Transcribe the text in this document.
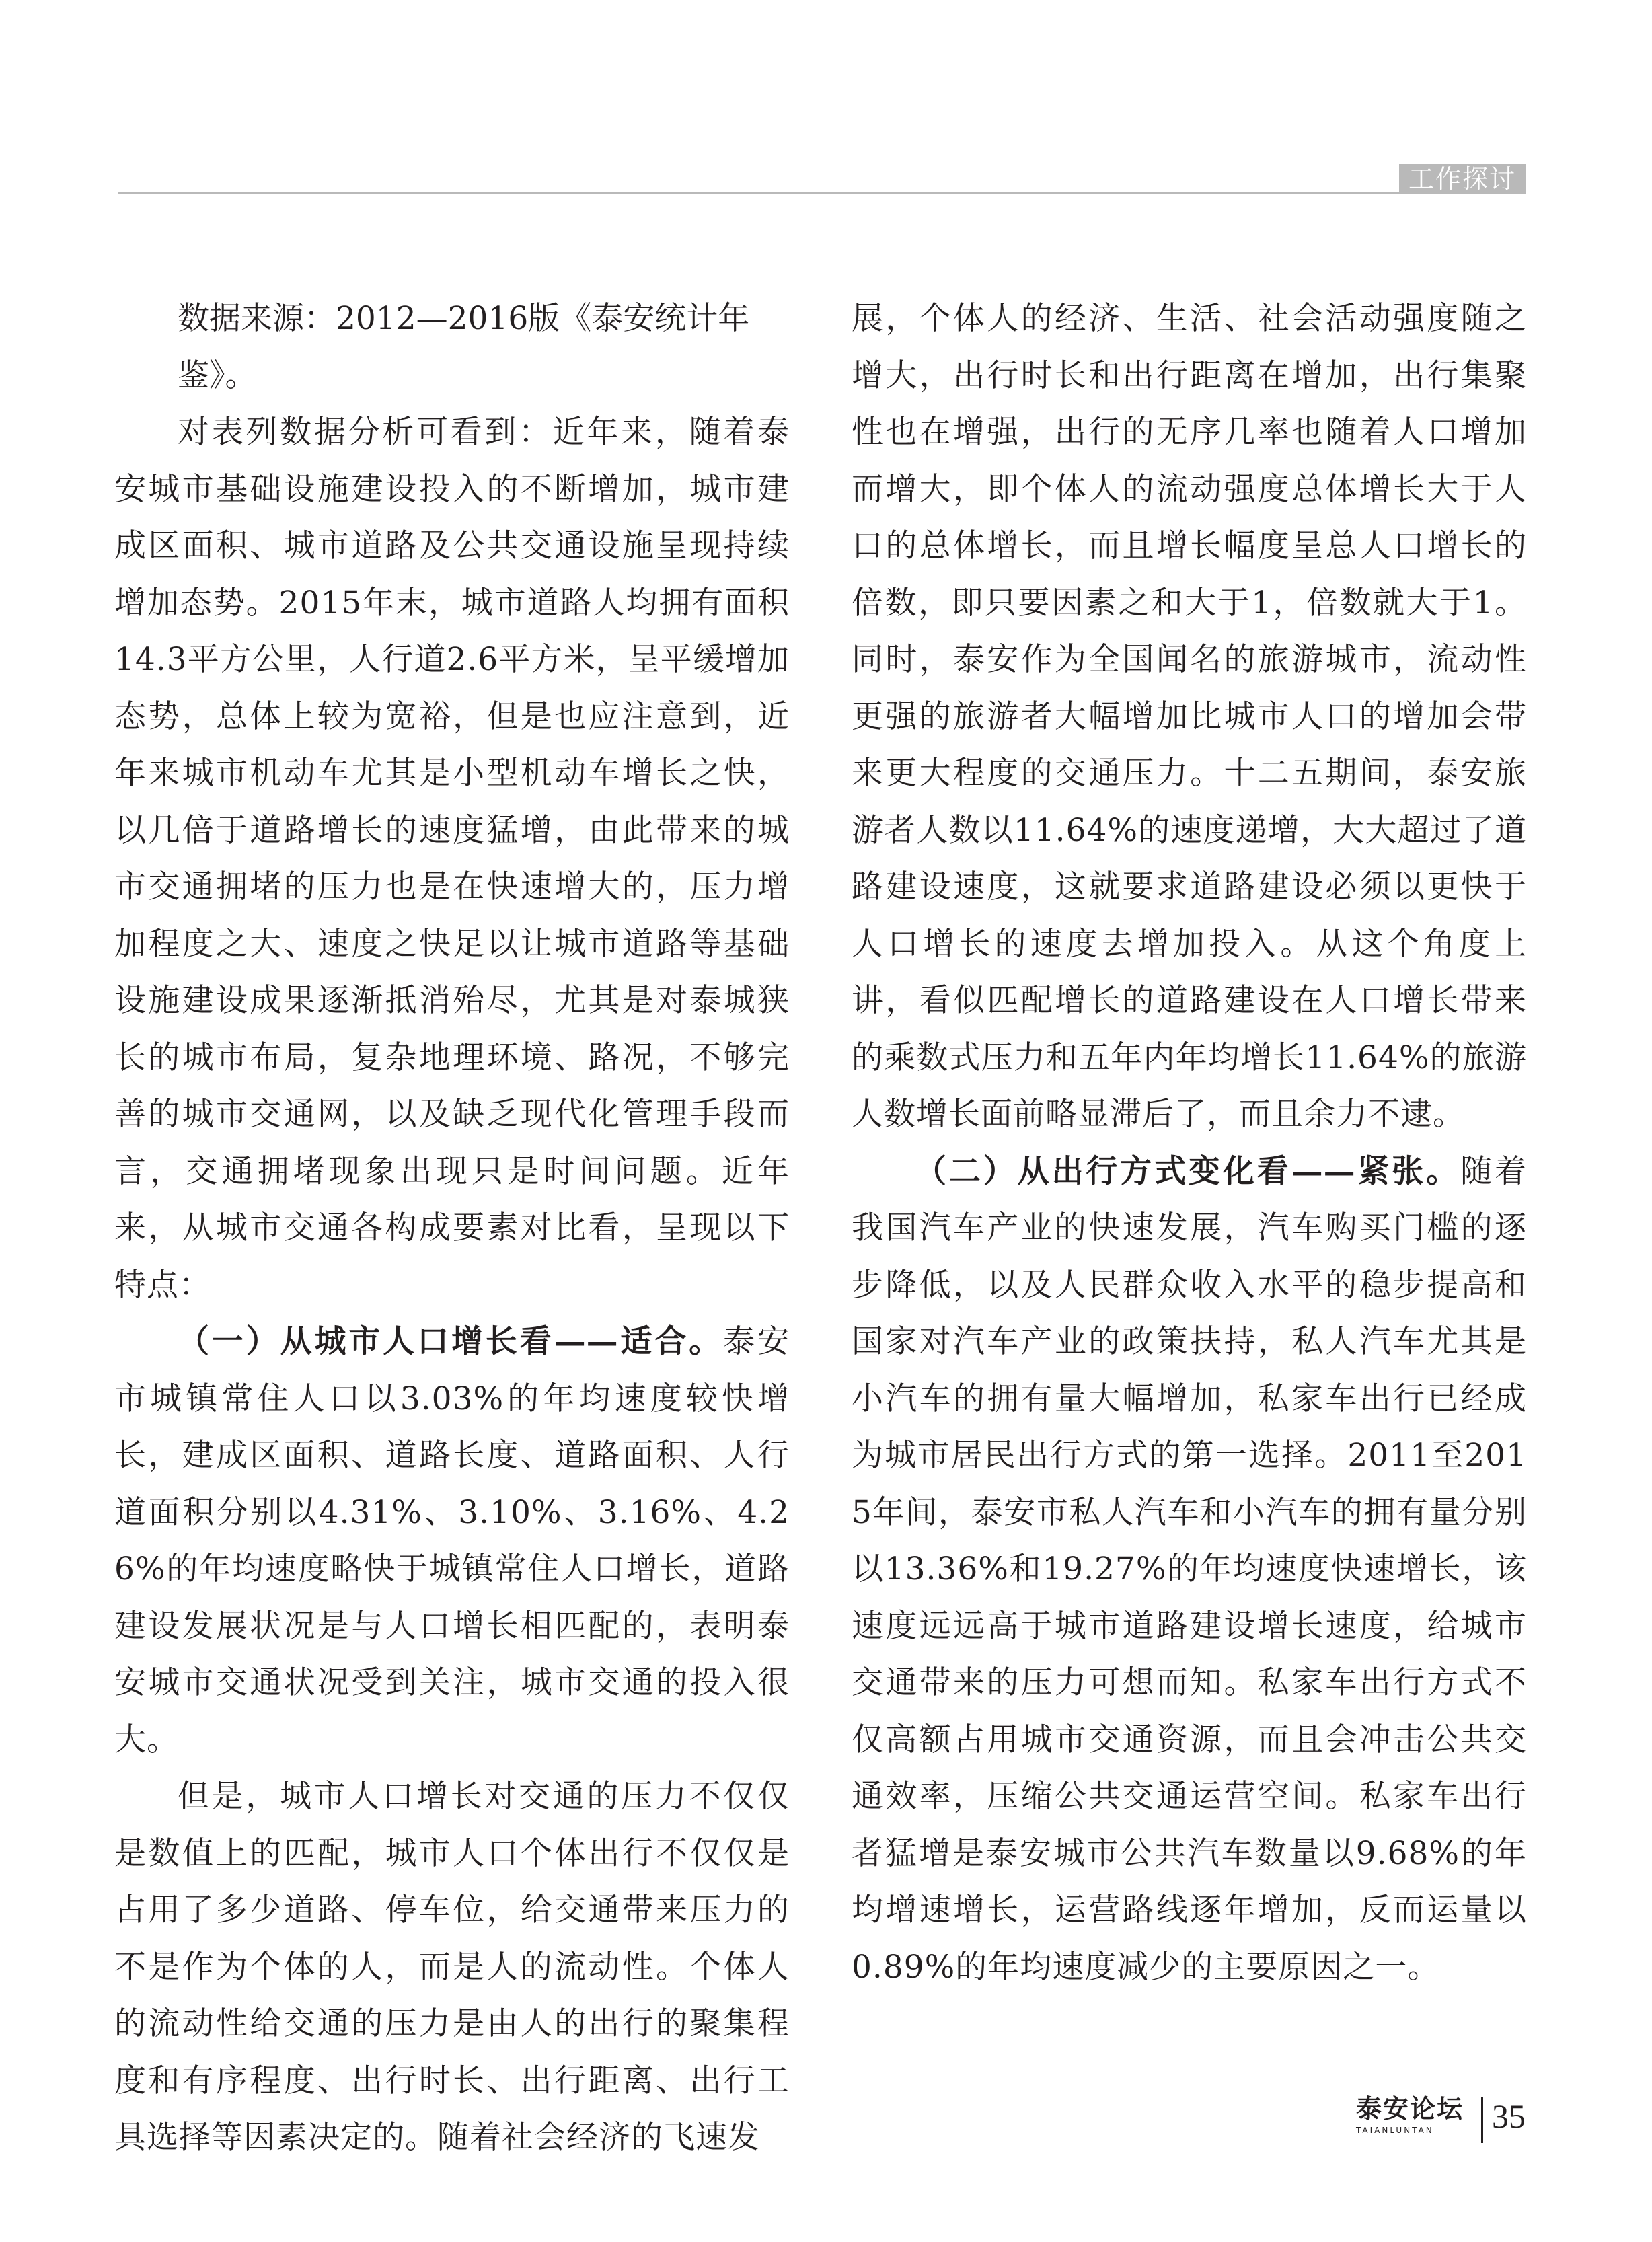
工作探讨
数据来源：2012—2016版《泰安统计年鉴》。

对表列数据分析可看到：近年来，随着泰安城市基础设施建设投入的不断增加，城市建成区面积、城市道路及公共交通设施呈现持续增加态势。2015年末，城市道路人均拥有面积14.3平方公里，人行道2.6平方米，呈平缓增加态势，总体上较为宽裕，但是也应注意到，近年来城市机动车尤其是小型机动车增长之快，以几倍于道路增长的速度猛增，由此带来的城市交通拥堵的压力也是在快速增大的，压力增加程度之大、速度之快足以让城市道路等基础设施建设成果逐渐抵消殆尽，尤其是对泰城狭长的城市布局，复杂地理环境、路况，不够完善的城市交通网，以及缺乏现代化管理手段而言，交通拥堵现象出现只是时间问题。近年来，从城市交通各构成要素对比看，呈现以下特点：

（一）从城市人口增长看——适合。泰安市城镇常住人口以3.03%的年均速度较快增长，建成区面积、道路长度、道路面积、人行道面积分别以4.31%、3.10%、3.16%、4.26%的年均速度略快于城镇常住人口增长，道路建设发展状况是与人口增长相匹配的，表明泰安城市交通状况受到关注，城市交通的投入很大。

但是，城市人口增长对交通的压力不仅仅是数值上的匹配，城市人口个体出行不仅仅是占用了多少道路、停车位，给交通带来压力的不是作为个体的人，而是人的流动性。个体人的流动性给交通的压力是由人的出行的聚集程度和有序程度、出行时长、出行距离、出行工具选择等因素决定的。随着社会经济的飞速发

展，个体人的经济、生活、社会活动强度随之增大，出行时长和出行距离在增加，出行集聚性也在增强，出行的无序几率也随着人口增加而增大，即个体人的流动强度总体增长大于人口的总体增长，而且增长幅度呈总人口增长的倍数，即只要因素之和大于1，倍数就大于1。同时，泰安作为全国闻名的旅游城市，流动性更强的旅游者大幅增加比城市人口的增加会带来更大程度的交通压力。十二五期间，泰安旅游者人数以11.64%的速度递增，大大超过了道路建设速度，这就要求道路建设必须以更快于人口增长的速度去增加投入。从这个角度上讲，看似匹配增长的道路建设在人口增长带来的乘数式压力和五年内年均增长11.64%的旅游人数增长面前略显滞后了，而且余力不逮。

（二）从出行方式变化看——紧张。随着我国汽车产业的快速发展，汽车购买门槛的逐步降低，以及人民群众收入水平的稳步提高和国家对汽车产业的政策扶持，私人汽车尤其是小汽车的拥有量大幅增加，私家车出行已经成为城市居民出行方式的第一选择。2011至2015年间，泰安市私人汽车和小汽车的拥有量分别以13.36%和19.27%的年均速度快速增长，该速度远远高于城市道路建设增长速度，给城市交通带来的压力可想而知。私家车出行方式不仅高额占用城市交通资源，而且会冲击公共交通效率，压缩公共交通运营空间。私家车出行者猛增是泰安城市公共汽车数量以9.68%的年均增速增长，运营路线逐年增加，反而运量以0.89%的年均速度减少的主要原因之一。

泰安论坛
TAIANLUNTAN	35
